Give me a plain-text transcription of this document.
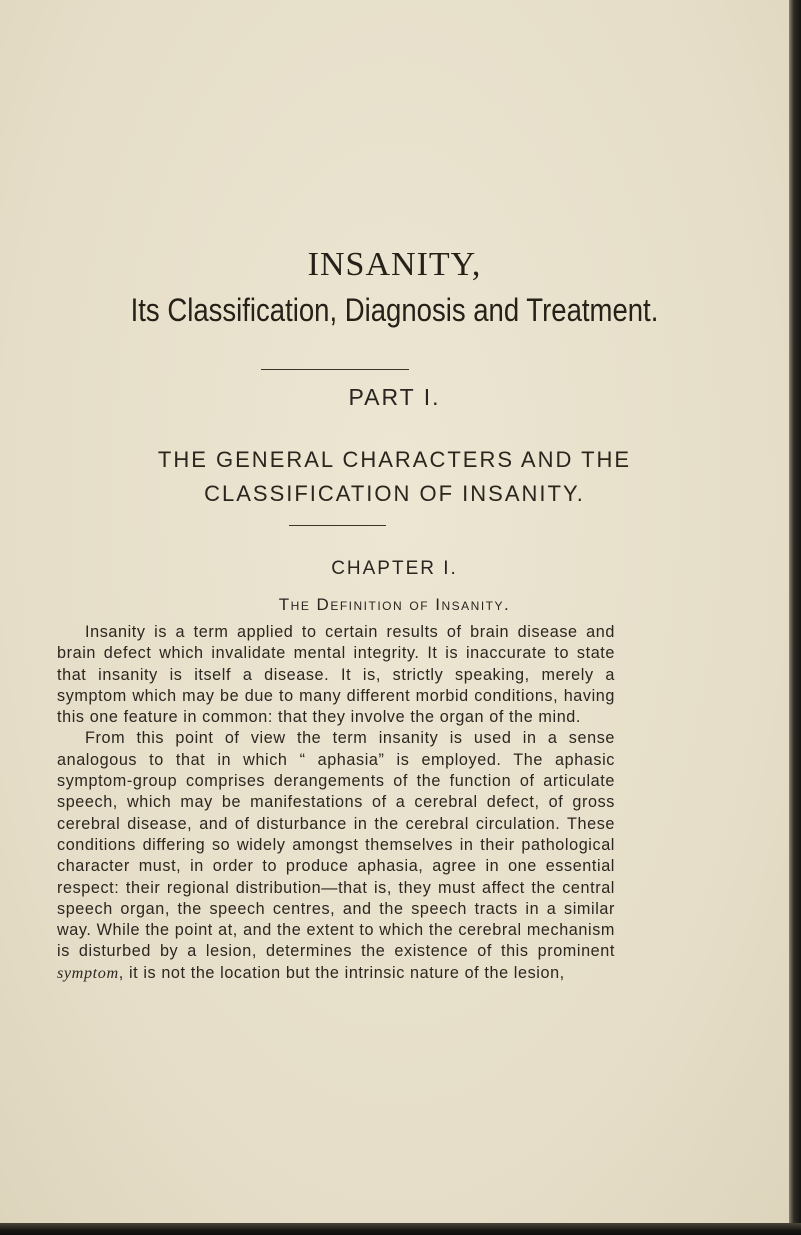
INSANITY,
Its Classification, Diagnosis and Treatment.
PART I.
THE GENERAL CHARACTERS AND THE
CLASSIFICATION OF INSANITY.
CHAPTER I.
The Definition of Insanity.

Insanity is a term applied to certain results of brain disease and brain defect which invalidate mental integrity. It is inaccurate to state that insanity is itself a disease. It is, strictly speaking, merely a symptom which may be due to many different morbid conditions, having this one feature in common: that they involve the organ of the mind.

From this point of view the term insanity is used in a sense analogous to that in which “ aphasia” is employed. The aphasic symptom-group comprises derangements of the function of articulate speech, which may be manifestations of a cerebral defect, of gross cerebral disease, and of disturbance in the cerebral circulation. These conditions differing so widely amongst themselves in their pathological character must, in order to produce aphasia, agree in one essential respect: their regional distribution—that is, they must affect the central speech organ, the speech centres, and the speech tracts in a similar way. While the point at, and the extent to which the cerebral mechanism is disturbed by a lesion, determines the existence of this prominent symptom, it is not the location but the intrinsic nature of the lesion,
